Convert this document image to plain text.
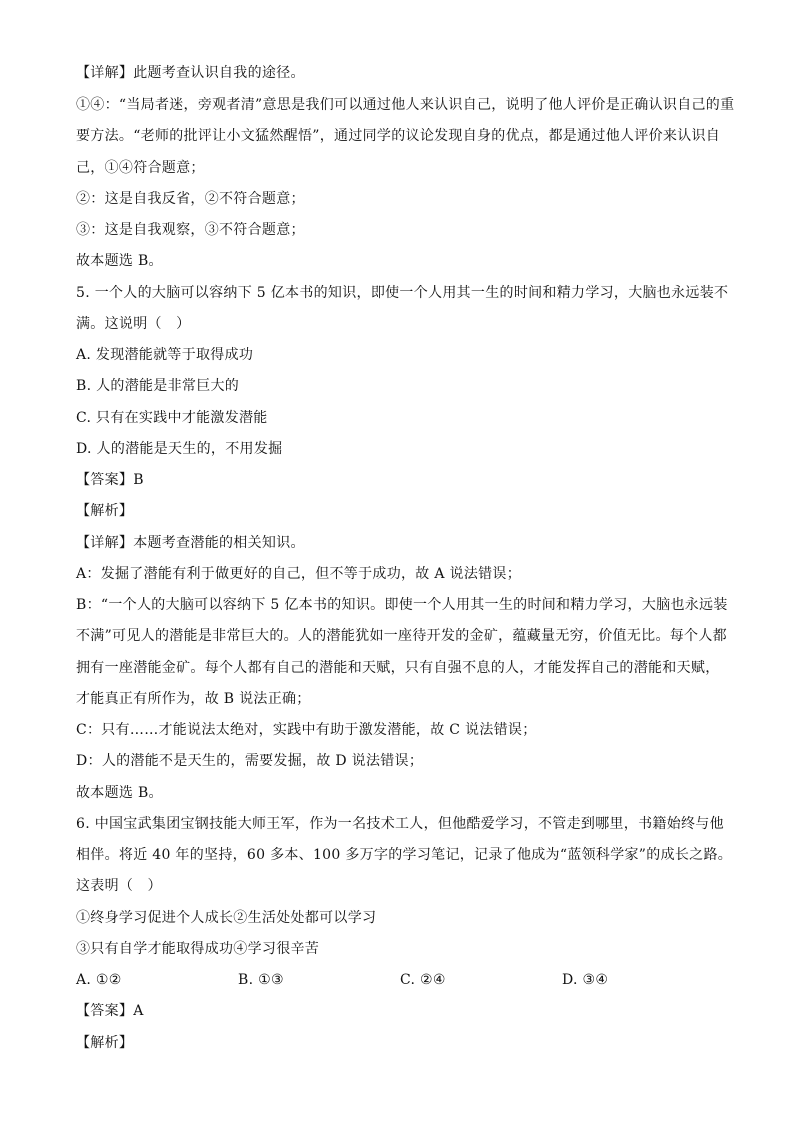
【详解】此题考查认识自我的途径。
①④：“当局者迷，旁观者清”意思是我们可以通过他人来认识自己，说明了他人评价是正确认识自己的重
要方法。“老师的批评让小文猛然醒悟”，通过同学的议论发现自身的优点，都是通过他人评价来认识自
己，①④符合题意；
②：这是自我反省，②不符合题意；
③：这是自我观察，③不符合题意；
故本题选 B。
5. 一个人的大脑可以容纳下 5 亿本书的知识，即使一个人用其一生的时间和精力学习，大脑也永远装不
满。这说明（　）
A. 发现潜能就等于取得成功
B. 人的潜能是非常巨大的
C. 只有在实践中才能激发潜能
D. 人的潜能是天生的，不用发掘
【答案】B
【解析】
【详解】本题考查潜能的相关知识。
A：发掘了潜能有利于做更好的自己，但不等于成功，故 A 说法错误；
B：“一个人的大脑可以容纳下 5 亿本书的知识。即使一个人用其一生的时间和精力学习，大脑也永远装
不满”可见人的潜能是非常巨大的。人的潜能犹如一座待开发的金矿，蕴藏量无穷，价值无比。每个人都
拥有一座潜能金矿。每个人都有自己的潜能和天赋，只有自强不息的人，才能发挥自己的潜能和天赋，
才能真正有所作为，故 B 说法正确；
C：只有……才能说法太绝对，实践中有助于激发潜能，故 C 说法错误；
D：人的潜能不是天生的，需要发掘，故 D 说法错误；
故本题选 B。
6. 中国宝武集团宝钢技能大师王军，作为一名技术工人，但他酷爱学习，不管走到哪里，书籍始终与他
相伴。将近 40 年的坚持，60 多本、100 多万字的学习笔记，记录了他成为“蓝领科学家”的成长之路。
这表明（　）
①终身学习促进个人成长②生活处处都可以学习
③只有自学才能取得成功④学习很辛苦
A. ①②	B. ①③	C. ②④	D. ③④
【答案】A
【解析】
